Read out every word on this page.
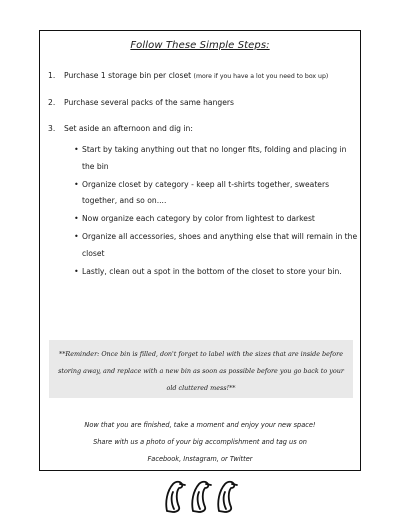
Follow These Simple Steps:
1. Purchase 1 storage bin per closet (more if you have a lot you need to box up)
2. Purchase several packs of the same hangers
3. Set aside an afternoon and dig in:
• Start by taking anything out that no longer fits, folding and placing in the bin
• Organize closet by category - keep all t-shirts together, sweaters together, and so on....
• Now organize each category by color from lightest to darkest
• Organize all accessories, shoes and anything else that will remain in the closet
• Lastly, clean out a spot in the bottom of the closet to store your bin.
**Reminder: Once bin is filled, don't forget to label with the sizes that are inside before storing away, and replace with a new bin as soon as possible before you go back to your old cluttered mess!**
Now that you are finished, take a moment and enjoy your new space!
Share with us a photo of your big accomplishment and tag us on
Facebook, Instagram, or Twitter
